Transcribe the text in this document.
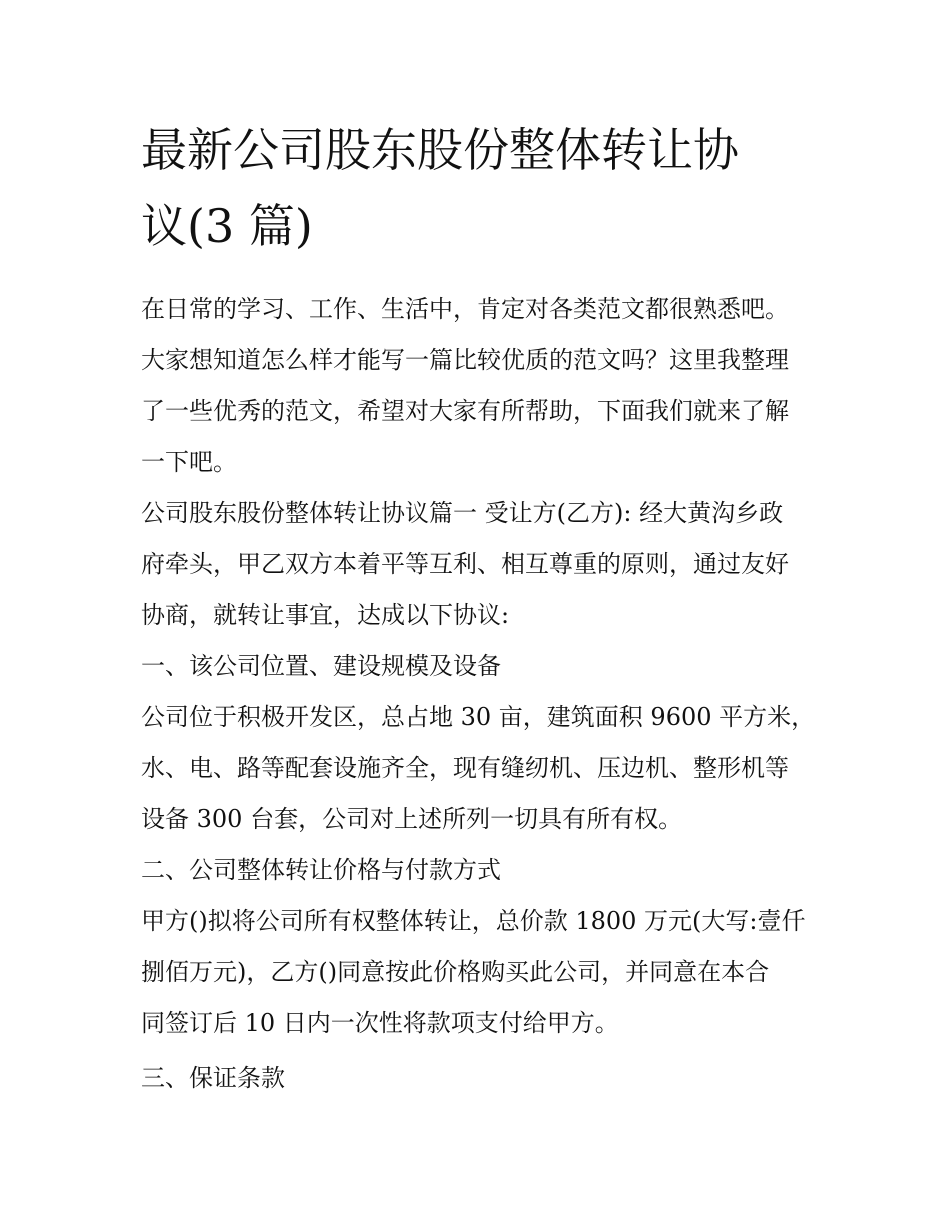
最新公司股东股份整体转让协
议(3 篇)

在日常的学习、工作、生活中，肯定对各类范文都很熟悉吧。

大家想知道怎么样才能写一篇比较优质的范文吗？这里我整理

了一些优秀的范文，希望对大家有所帮助，下面我们就来了解

一下吧。

公司股东股份整体转让协议篇一 受让方(乙方): 经大黄沟乡政

府牵头，甲乙双方本着平等互利、相互尊重的原则，通过友好

协商，就转让事宜，达成以下协议:

一、该公司位置、建设规模及设备

公司位于积极开发区，总占地 30 亩，建筑面积 9600 平方米，

水、电、路等配套设施齐全，现有缝纫机、压边机、整形机等

设备 300 台套，公司对上述所列一切具有所有权。

二、公司整体转让价格与付款方式

甲方()拟将公司所有权整体转让，总价款 1800 万元(大写:壹仟

捌佰万元)，乙方()同意按此价格购买此公司，并同意在本合

同签订后 10 日内一次性将款项支付给甲方。

三、保证条款
